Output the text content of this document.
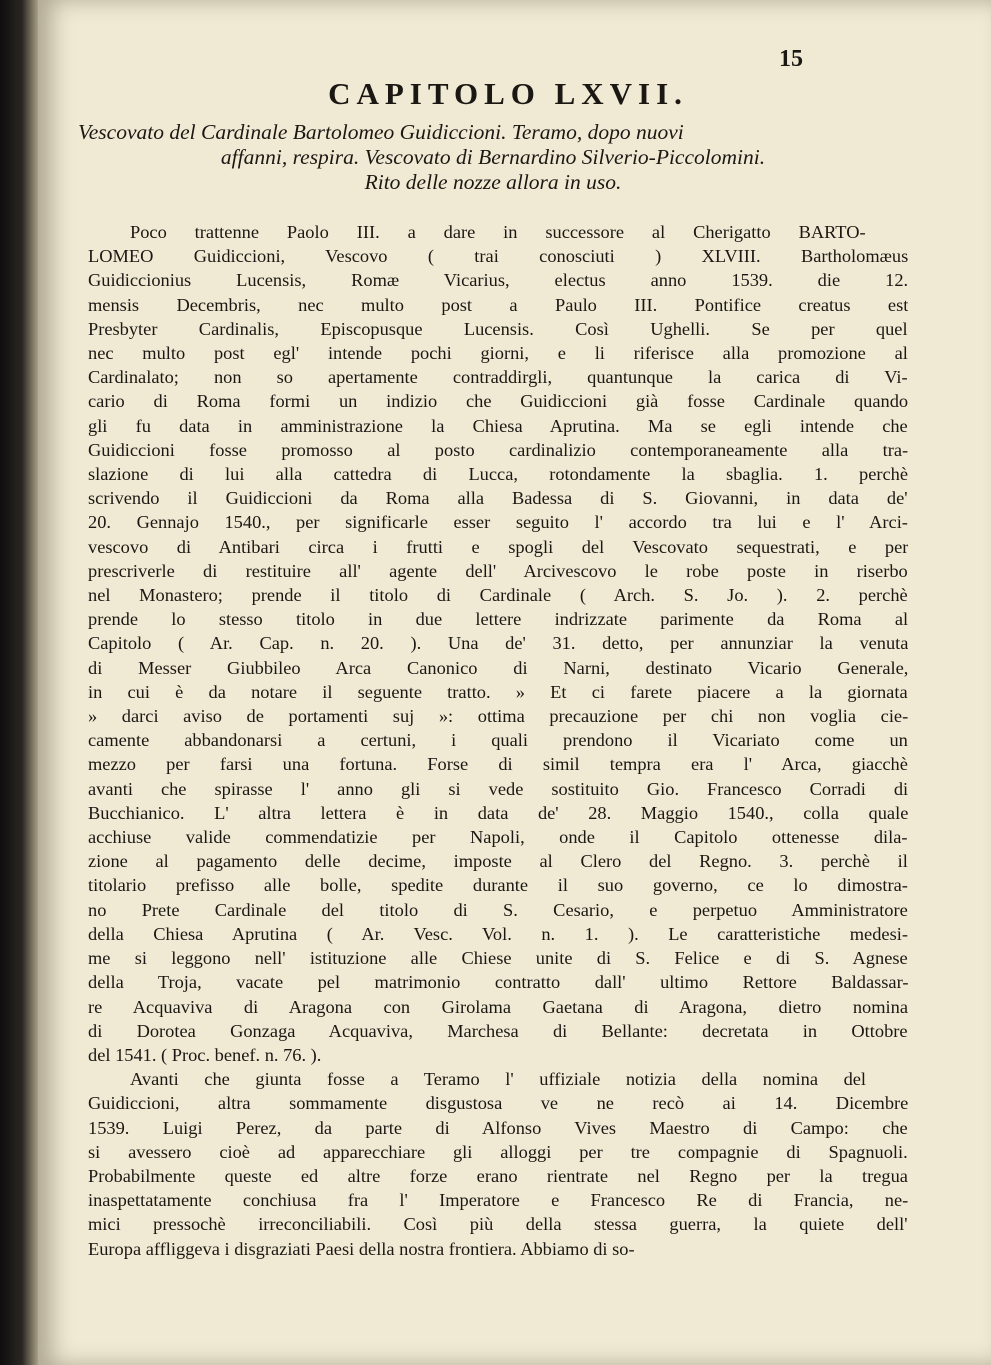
15
CAPITOLO LXVII.
Vescovato del Cardinale Bartolomeo Guidiccioni. Teramo, dopo nuovi
affanni, respira. Vescovato di Bernardino Silverio-Piccolomini.
Rito delle nozze allora in uso.
Poco trattenne Paolo III. a dare in successore al Cherigatto BARTO-
LOMEO Guidiccioni, Vescovo ( trai conosciuti ) XLVIII. Bartholomæus
Guidiccionius Lucensis, Romæ Vicarius, electus anno 1539. die 12.
mensis Decembris, nec multo post a Paulo III. Pontifice creatus est
Presbyter Cardinalis, Episcopusque Lucensis. Così Ughelli. Se per quel
nec multo post egl' intende pochi giorni, e li riferisce alla promozione al
Cardinalato; non so apertamente contraddirgli, quantunque la carica di Vi-
cario di Roma formi un indizio che Guidiccioni già fosse Cardinale quando
gli fu data in amministrazione la Chiesa Aprutina. Ma se egli intende che
Guidiccioni fosse promosso al posto cardinalizio contemporaneamente alla tra-
slazione di lui alla cattedra di Lucca, rotondamente la sbaglia. 1. perchè
scrivendo il Guidiccioni da Roma alla Badessa di S. Giovanni, in data de'
20. Gennajo 1540., per significarle esser seguito l' accordo tra lui e l' Arci-
vescovo di Antibari circa i frutti e spogli del Vescovato sequestrati, e per
prescriverle di restituire all' agente dell' Arcivescovo le robe poste in riserbo
nel Monastero; prende il titolo di Cardinale ( Arch. S. Jo. ). 2. perchè
prende lo stesso titolo in due lettere indrizzate parimente da Roma al
Capitolo ( Ar. Cap. n. 20. ). Una de' 31. detto, per annunziar la venuta
di Messer Giubbileo Arca Canonico di Narni, destinato Vicario Generale,
in cui è da notare il seguente tratto. » Et ci farete piacere a la giornata
» darci aviso de portamenti suj »: ottima precauzione per chi non voglia cie-
camente abbandonarsi a certuni, i quali prendono il Vicariato come un
mezzo per farsi una fortuna. Forse di simil tempra era l' Arca, giacchè
avanti che spirasse l' anno gli si vede sostituito Gio. Francesco Corradi di
Bucchianico. L' altra lettera è in data de' 28. Maggio 1540., colla quale
acchiuse valide commendatizie per Napoli, onde il Capitolo ottenesse dila-
zione al pagamento delle decime, imposte al Clero del Regno. 3. perchè il
titolario prefisso alle bolle, spedite durante il suo governo, ce lo dimostra-
no Prete Cardinale del titolo di S. Cesario, e perpetuo Amministratore
della Chiesa Aprutina ( Ar. Vesc. Vol. n. 1. ). Le caratteristiche medesi-
me si leggono nell' istituzione alle Chiese unite di S. Felice e di S. Agnese
della Troja, vacate pel matrimonio contratto dall' ultimo Rettore Baldassar-
re Acquaviva di Aragona con Girolama Gaetana di Aragona, dietro nomina
di Dorotea Gonzaga Acquaviva, Marchesa di Bellante: decretata in Ottobre
del 1541. ( Proc. benef. n. 76. ).
Avanti che giunta fosse a Teramo l' uffiziale notizia della nomina del
Guidiccioni, altra sommamente disgustosa ve ne recò ai 14. Dicembre
1539. Luigi Perez, da parte di Alfonso Vives Maestro di Campo: che
si avessero cioè ad apparecchiare gli alloggi per tre compagnie di Spagnuoli.
Probabilmente queste ed altre forze erano rientrate nel Regno per la tregua
inaspettatamente conchiusa fra l' Imperatore e Francesco Re di Francia, ne-
mici pressochè irreconciliabili. Così più della stessa guerra, la quiete dell'
Europa affliggeva i disgraziati Paesi della nostra frontiera. Abbiamo di so-
